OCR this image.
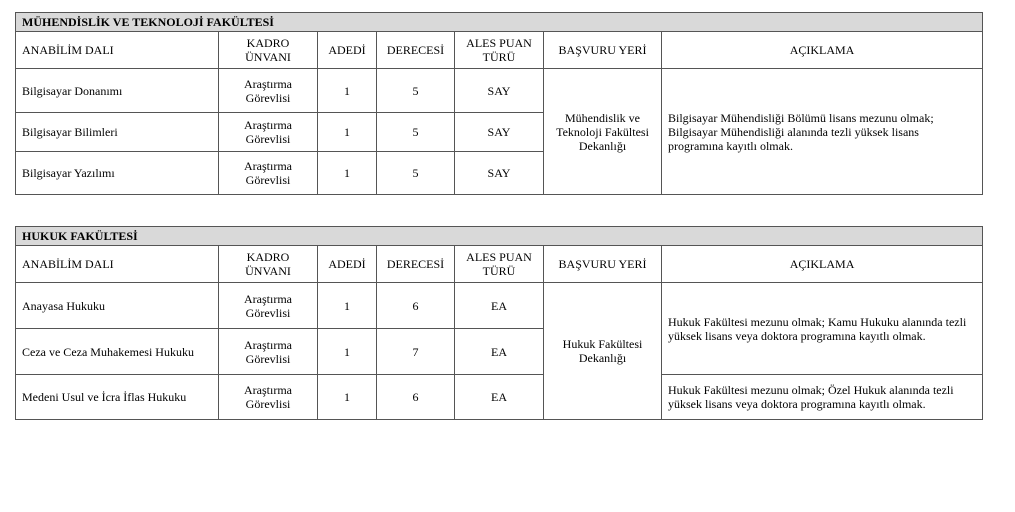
MÜHENDİSLİK VE TEKNOLOJİ FAKÜLTESİ						
ANABİLİM DALI	KADRO ÜNVANI	ADEDİ	DERECESİ	ALES PUAN TÜRÜ	BAŞVURU YERİ	AÇIKLAMA
Bilgisayar Donanımı	Araştırma Görevlisi	1	5	SAY	Mühendislik ve Teknoloji Fakültesi Dekanlığı	Bilgisayar Mühendisliği Bölümü lisans mezunu olmak; Bilgisayar Mühendisliği alanında tezli yüksek lisans programına kayıtlı olmak.
Bilgisayar Bilimleri	Araştırma Görevlisi	1	5	SAY		
Bilgisayar Yazılımı	Araştırma Görevlisi	1	5	SAY		
HUKUK FAKÜLTESİ						
ANABİLİM DALI	KADRO ÜNVANI	ADEDİ	DERECESİ	ALES PUAN TÜRÜ	BAŞVURU YERİ	AÇIKLAMA
Anayasa Hukuku	Araştırma Görevlisi	1	6	EA	Hukuk Fakültesi Dekanlığı	Hukuk Fakültesi mezunu olmak; Kamu Hukuku alanında tezli yüksek lisans veya doktora programına kayıtlı olmak.
Ceza ve Ceza Muhakemesi Hukuku	Araştırma Görevlisi	1	7	EA		
Medeni Usul ve İcra İflas Hukuku	Araştırma Görevlisi	1	6	EA		Hukuk Fakültesi mezunu olmak; Özel Hukuk alanında tezli yüksek lisans veya doktora programına kayıtlı olmak.
